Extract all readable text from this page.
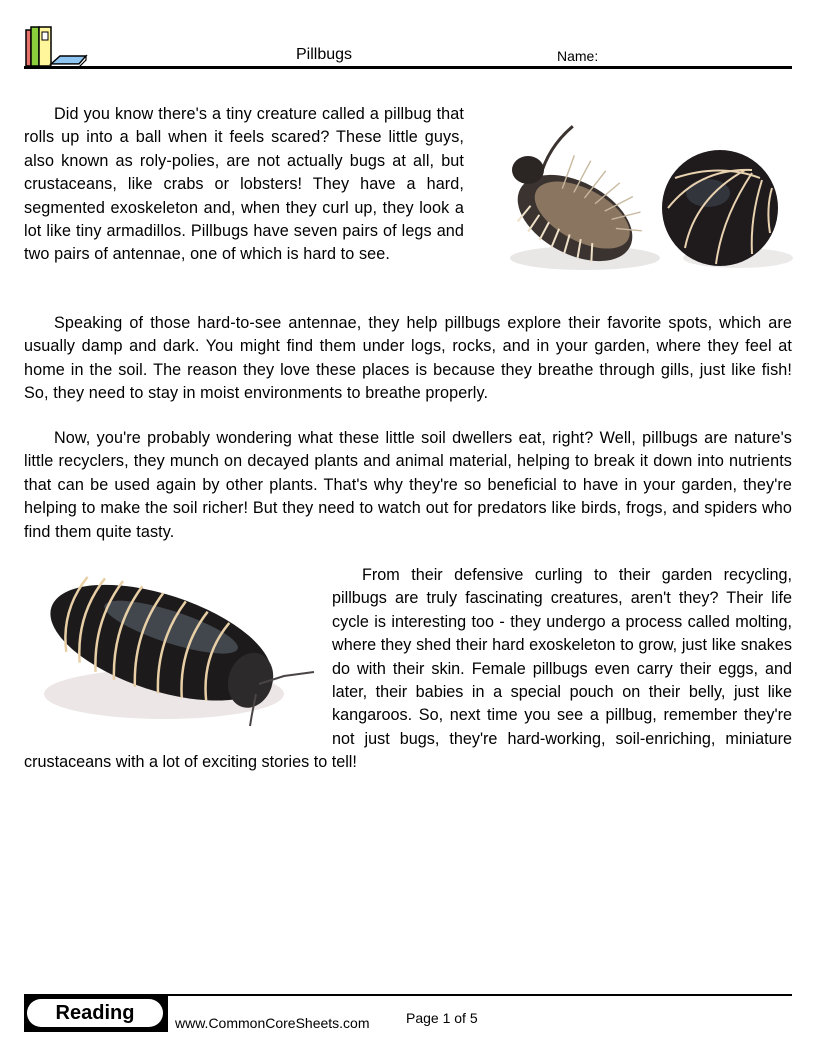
Pillbugs	Name:

Did you know there's a tiny creature called a pillbug that rolls up into a ball when it feels scared? These little guys, also known as roly-polies, are not actually bugs at all, but crustaceans, like crabs or lobsters! They have a hard, segmented exoskeleton and, when they curl up, they look a lot like tiny armadillos. Pillbugs have seven pairs of legs and two pairs of antennae, one of which is hard to see.

Speaking of those hard-to-see antennae, they help pillbugs explore their favorite spots, which are usually damp and dark. You might find them under logs, rocks, and in your garden, where they feel at home in the soil. The reason they love these places is because they breathe through gills, just like fish! So, they need to stay in moist environments to breathe properly.

Now, you're probably wondering what these little soil dwellers eat, right? Well, pillbugs are nature's little recyclers, they munch on decayed plants and animal material, helping to break it down into nutrients that can be used again by other plants. That's why they're so beneficial to have in your garden, they're helping to make the soil richer! But they need to watch out for predators like birds, frogs, and spiders who find them quite tasty.

From their defensive curling to their garden recycling, pillbugs are truly fascinating creatures, aren't they? Their life cycle is interesting too - they undergo a process called molting, where they shed their hard exoskeleton to grow, just like snakes do with their skin. Female pillbugs even carry their eggs, and later, their babies in a special pouch on their belly, just like kangaroos. So, next time you see a pillbug, remember they're not just bugs, they're hard-working, soil-enriching, miniature crustaceans with a lot of exciting stories to tell!

Reading	www.CommonCoreSheets.com	Page 1 of 5
